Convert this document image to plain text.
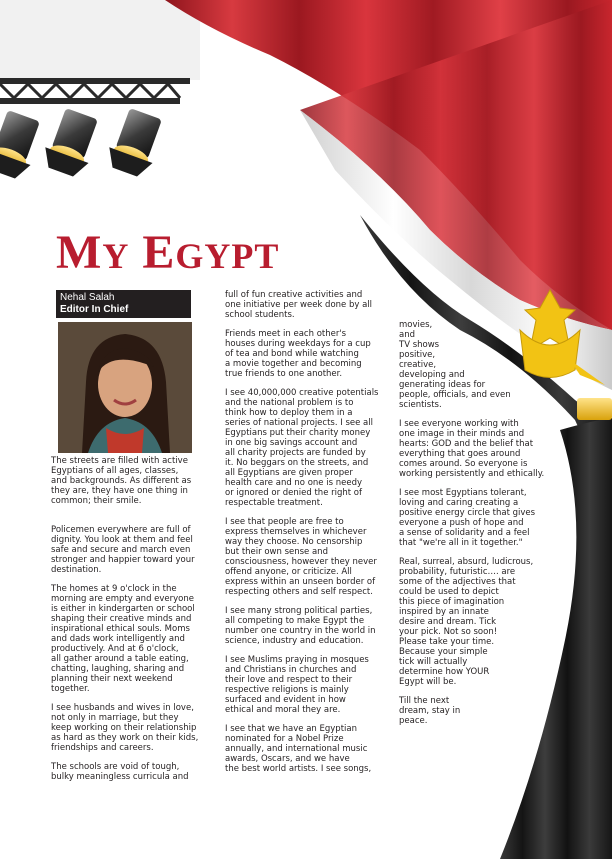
MY EGYPT
Nehal Salah
Editor In Chief

The streets are filled with active
Egyptians of all ages, classes,
and backgrounds. As different as
they are, they have one thing in
common; their smile.

Policemen everywhere are full of
dignity. You look at them and feel
safe and secure and march even
stronger and happier toward your
destination.

The homes at 9 o'clock in the
morning are empty and everyone
is either in kindergarten or school
shaping their creative minds and
inspirational ethical souls. Moms
and dads work intelligently and
productively. And at 6 o'clock,
all gather around a table eating,
chatting, laughing, sharing and
planning their next weekend
together.

I see husbands and wives in love,
not only in marriage, but they
keep working on their relationship
as hard as they work on their kids,
friendships and careers.

The schools are void of tough,
bulky meaningless curricula and

full of fun creative activities and
one initiative per week done by all
school students.

Friends meet in each other's
houses during weekdays for a cup
of tea and bond while watching
a movie together and becoming
true friends to one another.

I see 40,000,000 creative potentials
and the national problem is to
think how to deploy them in a
series of national projects. I see all
Egyptians put their charity money
in one big savings account and
all charity projects are funded by
it. No beggars on the streets, and
all Egyptians are given proper
health care and no one is needy
or ignored or denied the right of
respectable treatment.

I see that people are free to
express themselves in whichever
way they choose. No censorship
but their own sense and
consciousness, however they never
offend anyone, or criticize. All
express within an unseen border of
respecting others and self respect.

I see many strong political parties,
all competing to make Egypt the
number one country in the world in
science, industry and education.

I see Muslims praying in mosques
and Christians in churches and
their love and respect to their
respective religions is mainly
surfaced and evident in how
ethical and moral they are.

I see that we have an Egyptian
nominated for a Nobel Prize
annually, and international music
awards, Oscars, and we have
the best world artists. I see songs,

movies,
and
TV shows
positive,
creative,
developing and
generating ideas for
people, officials, and even
scientists.

I see everyone working with
one image in their minds and
hearts: GOD and the belief that
everything that goes around
comes around. So everyone is
working persistently and ethically.

I see most Egyptians tolerant,
loving and caring creating a
positive energy circle that gives
everyone a push of hope and
a sense of solidarity and a feel
that "we're all in it together."

Real, surreal, absurd, ludicrous,
probability, futuristic…. are
some of the adjectives that
could be used to depict
this piece of imagination
inspired by an innate
desire and dream. Tick
your pick. Not so soon!
Please take your time.
Because your simple
tick will actually
determine how YOUR
Egypt will be.

Till the next
dream, stay in
peace.
